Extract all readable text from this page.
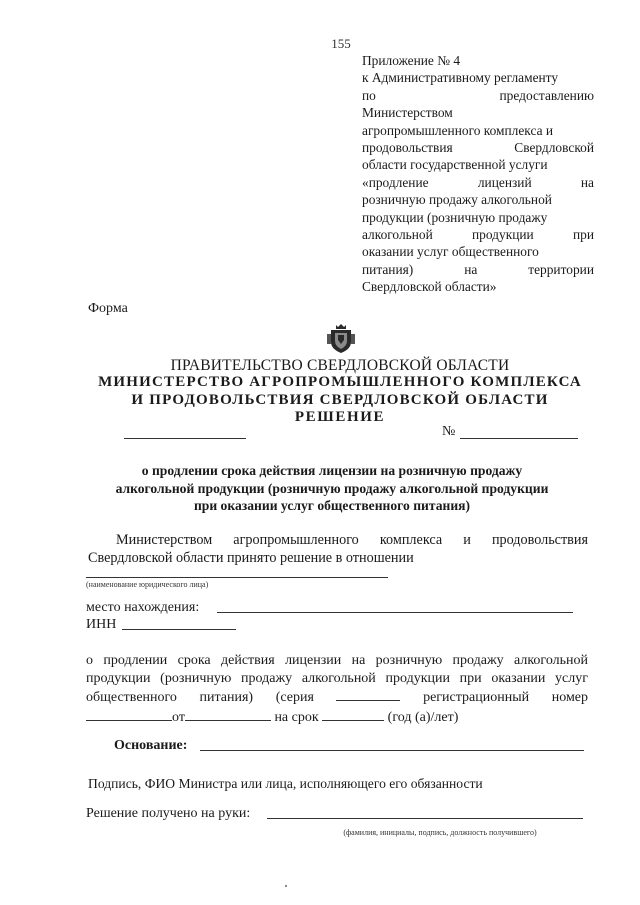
155
Приложение № 4
к Административному регламенту
по	предоставлению
Министерством
агропромышленного комплекса и
продовольствия	Свердловской
области государственной услуги
«продление	лицензий	на
розничную продажу алкогольной
продукции (розничную продажу
алкогольной	продукции	при
оказании услуг общественного
питания)	на	территории
Свердловской области»
Форма
ПРАВИТЕЛЬСТВО СВЕРДЛОВСКОЙ ОБЛАСТИ
МИНИСТЕРСТВО АГРОПРОМЫШЛЕННОГО КОМПЛЕКСА
И ПРОДОВОЛЬСТВИЯ СВЕРДЛОВСКОЙ ОБЛАСТИ
РЕШЕНИЕ
№
о продлении срока действия лицензии на розничную продажу
алкогольной продукции (розничную продажу алкогольной продукции
при оказании услуг общественного питания)
Министерством агропромышленного комплекса и продовольствия
Свердловской области принято решение в отношении
(наименование юридического лица)
место нахождения:
ИНН
о продлении срока действия лицензии на розничную продажу алкогольной
продукции (розничную продажу алкогольной продукции при оказании услуг
общественного питания) (серия	регистрационный номер
от	на срок	(год (а)/лет)
Основание:
Подпись, ФИО Министра или лица, исполняющего его обязанности
Решение получено на руки:
(фамилия, инициалы, подпись, должность получившего)
